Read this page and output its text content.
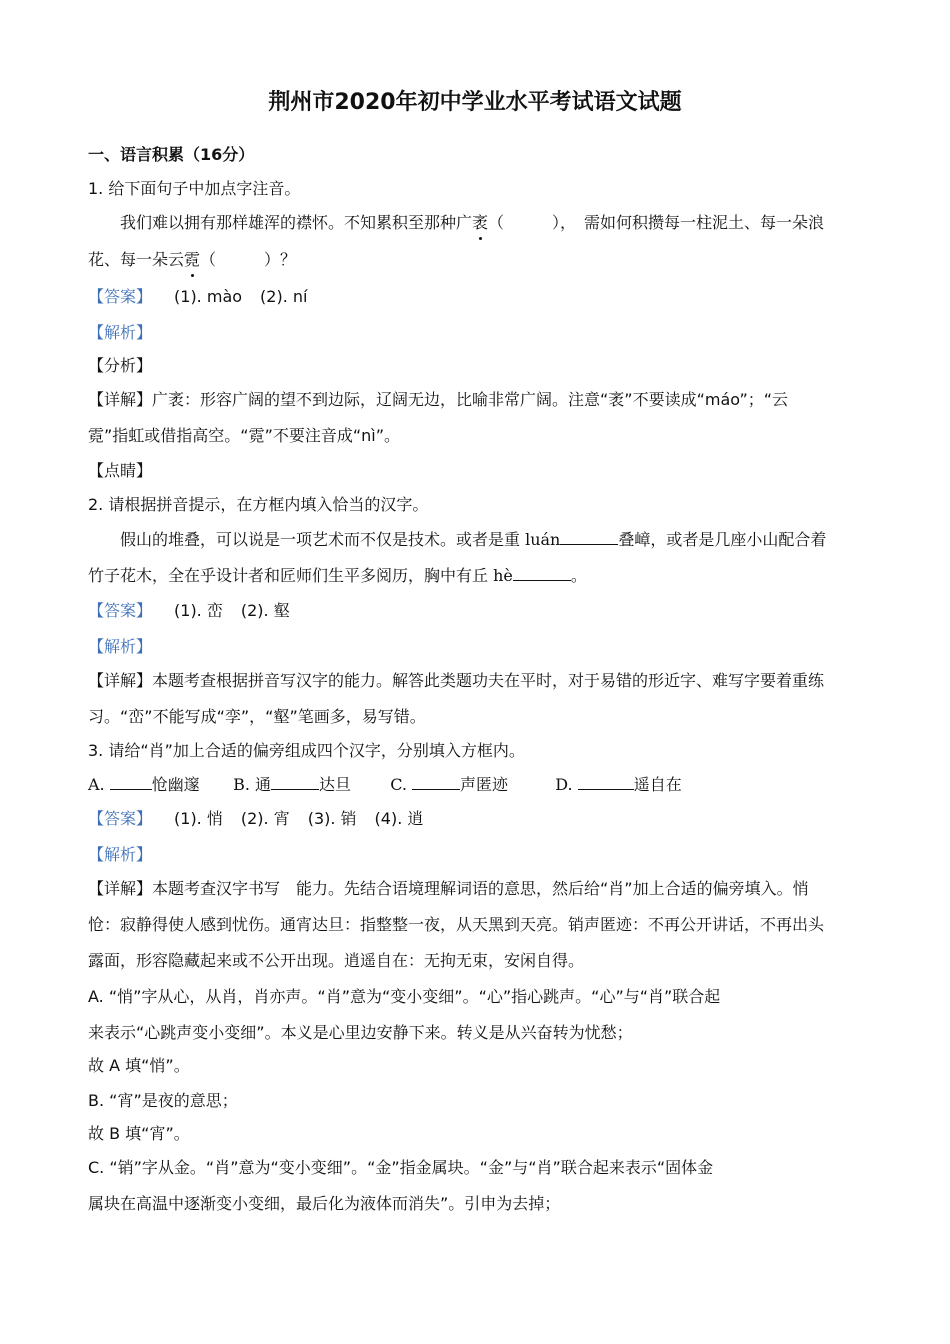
荆州市2020年初中学业水平考试语文试题
一、语言积累（16分）
1. 给下面句子中加点字注音。
我们难以拥有那样雄浑的襟怀。不知累积至那种广袤（　　　），　需如何积攒每一柱泥土、每一朵浪
花、每一朵云霓（　　　）？
【答案】 (1). mào (2). ní
【解析】
【分析】
【详解】广袤：形容广阔的望不到边际，辽阔无边，比喻非常广阔。注意“袤”不要读成“máo”；“云
霓”指虹或借指高空。“霓”不要注音成“nì”。
【点睛】
2. 请根据拼音提示，在方框内填入恰当的汉字。
假山的堆叠，可以说是一项艺术而不仅是技术。或者是重 luán	叠嶂，或者是几座小山配合着
竹子花木，全在乎设计者和匠师们生平多阅历，胸中有丘 hè	。
【答案】 (1). 峦 (2). 壑
【解析】
【详解】本题考查根据拼音写汉字的能力。解答此类题功夫在平时，对于易错的形近字、难写字要着重练
习。“峦”不能写成“孪”，“壑”笔画多，易写错。
3. 请给“肖”加上合适的偏旁组成四个汉字，分别填入方框内。
A.	怆幽邃 B. 通	达旦 C.	声匿迹	D.	遥自在
【答案】 (1). 悄 (2). 宵 (3). 销 (4). 逍
【解析】
【详解】本题考查汉字书写　能力。先结合语境理解词语的意思，然后给“肖”加上合适的偏旁填入。悄
怆：寂静得使人感到忧伤。通宵达旦：指整整一夜，从天黑到天亮。销声匿迹：不再公开讲话，不再出头
露面，形容隐藏起来或不公开出现。逍遥自在：无拘无束，安闲自得。
A. “悄”字从心，从肖，肖亦声。“肖”意为“变小变细”。“心”指心跳声。“心”与“肖”联合起
来表示“心跳声变小变细”。本义是心里边安静下来。转义是从兴奋转为忧愁；
故 A 填“悄”。
B. “宵”是夜的意思；
故 B 填“宵”。
C. “销”字从金。“肖”意为“变小变细”。“金”指金属块。“金”与“肖”联合起来表示“固体金
属块在高温中逐渐变小变细，最后化为液体而消失”。引申为去掉；
